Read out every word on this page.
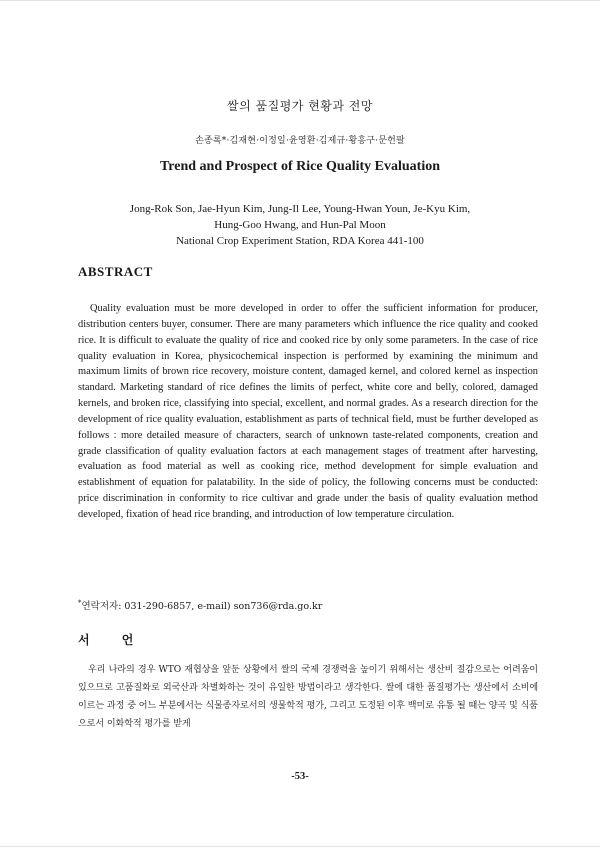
쌀의 품질평가 현황과 전망
손종록*·김재현·이정일·윤영환·김제규·황흥구·문헌팔
Trend and Prospect of Rice Quality Evaluation
Jong-Rok Son, Jae-Hyun Kim, Jung-Il Lee, Young-Hwan Youn, Je-Kyu Kim,
Hung-Goo Hwang, and Hun-Pal Moon
National Crop Experiment Station, RDA Korea 441-100
ABSTRACT

Quality evaluation must be more developed in order to offer the sufficient information for producer, distribution centers buyer, consumer. There are many parameters which influence the rice quality and cooked rice. It is difficult to evaluate the quality of rice and cooked rice by only some parameters. In the case of rice quality evaluation in Korea, physicochemical inspection is performed by examining the minimum and maximum limits of brown rice recovery, moisture content, damaged kernel, and colored kernel as inspection standard. Marketing standard of rice defines the limits of perfect, white core and belly, colored, damaged kernels, and broken rice, classifying into special, excellent, and normal grades. As a research direction for the development of rice quality evaluation, establishment as parts of technical field, must be further developed as follows : more detailed measure of characters, search of unknown taste-related components, creation and grade classification of quality evaluation factors at each management stages of treatment after harvesting, evaluation as food material as well as cooking rice, method development for simple evaluation and establishment of equation for palatability. In the side of policy, the following concerns must be conducted: price discrimination in conformity to rice cultivar and grade under the basis of quality evaluation method developed, fixation of head rice branding, and introduction of low temperature circulation.

*연락저자: 031-290-6857, e-mail) son736@rda.go.kr
서 언

우리 나라의 경우 WTO 재협상을 앞둔 상황에서 쌀의 국제 경쟁력을 높이기 위해서는 생산비 절감으로는 어려움이 있으므로 고품질화로 외국산과 차별화하는 것이 유일한 방법이라고 생각한다. 쌀에 대한 품질평가는 생산에서 소비에 이르는 과정 중 어느 부분에서는 식물종자로서의 생물학적 평가, 그리고 도정된 이후 백미로 유통 될 때는 양곡 및 식품으로서 이화학적 평가를 받게

-53-
